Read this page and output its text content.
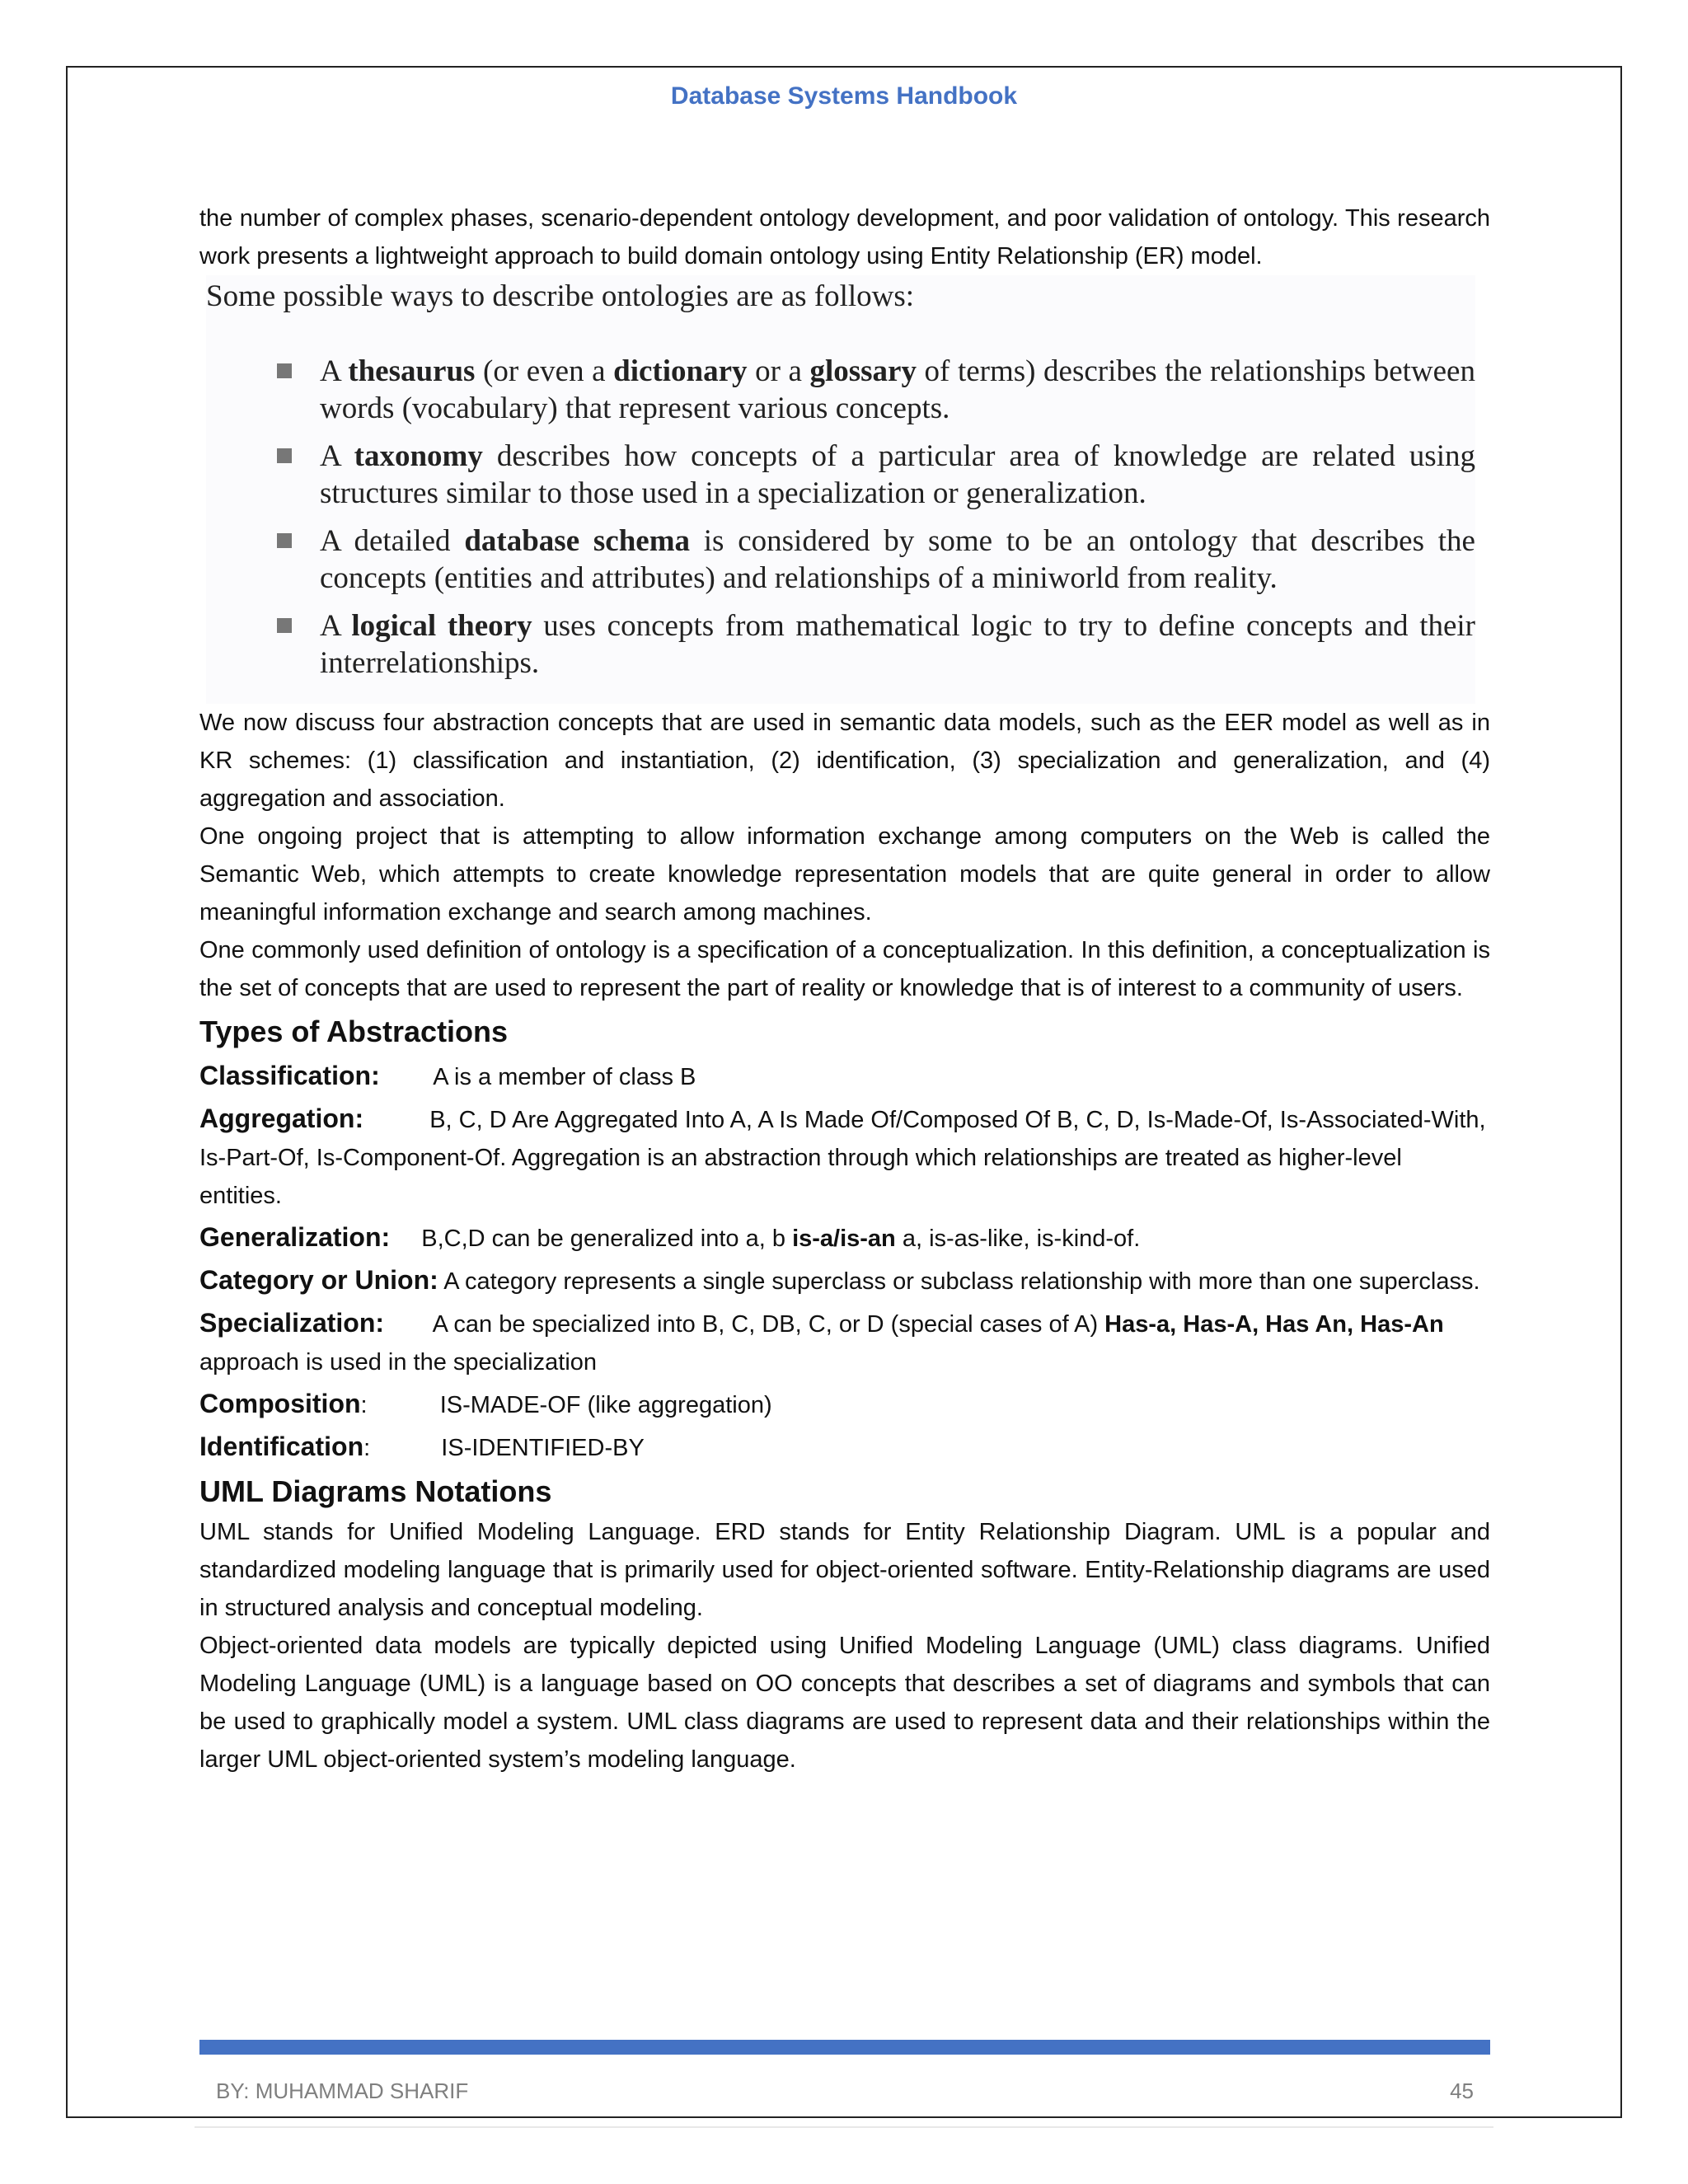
Database Systems Handbook

the number of complex phases, scenario-dependent ontology development, and poor validation of ontology. This research work presents a lightweight approach to build domain ontology using Entity Relationship (ER) model.

Some possible ways to describe ontologies are as follows:
A thesaurus (or even a dictionary or a glossary of terms) describes the relationships between words (vocabulary) that represent various concepts.
A taxonomy describes how concepts of a particular area of knowledge are related using structures similar to those used in a specialization or generalization.
A detailed database schema is considered by some to be an ontology that describes the concepts (entities and attributes) and relationships of a miniworld from reality.
A logical theory uses concepts from mathematical logic to try to define concepts and their interrelationships.

We now discuss four abstraction concepts that are used in semantic data models, such as the EER model as well as in KR schemes: (1) classification and instantiation, (2) identification, (3) specialization and generalization, and (4) aggregation and association.

One ongoing project that is attempting to allow information exchange among computers on the Web is called the Semantic Web, which attempts to create knowledge representation models that are quite general in order to allow meaningful information exchange and search among machines.

One commonly used definition of ontology is a specification of a conceptualization. In this definition, a conceptualization is the set of concepts that are used to represent the part of reality or knowledge that is of interest to a community of users.

Types of Abstractions
Classification: A is a member of class B
Aggregation:	B, C, D Are Aggregated Into A, A Is Made Of/Composed Of B, C, D, Is-Made-Of, Is-Associated-With, Is-Part-Of, Is-Component-Of. Aggregation is an abstraction through which relationships are treated as higher-level entities.
Generalization: B,C,D can be generalized into a, b is-a/is-an a, is-as-like, is-kind-of.
Category or Union: A category represents a single superclass or subclass relationship with more than one superclass.
Specialization: A can be specialized into B, C, DB, C, or D (special cases of A) Has-a, Has-A, Has An, Has-An approach is used in the specialization
Composition:	IS-MADE-OF (like aggregation)
Identification:	IS-IDENTIFIED-BY
UML Diagrams Notations

UML stands for Unified Modeling Language. ERD stands for Entity Relationship Diagram. UML is a popular and standardized modeling language that is primarily used for object-oriented software. Entity-Relationship diagrams are used in structured analysis and conceptual modeling.

Object-oriented data models are typically depicted using Unified Modeling Language (UML) class diagrams. Unified Modeling Language (UML) is a language based on OO concepts that describes a set of diagrams and symbols that can be used to graphically model a system. UML class diagrams are used to represent data and their relationships within the larger UML object-oriented system’s modeling language.

BY: MUHAMMAD SHARIF	45
